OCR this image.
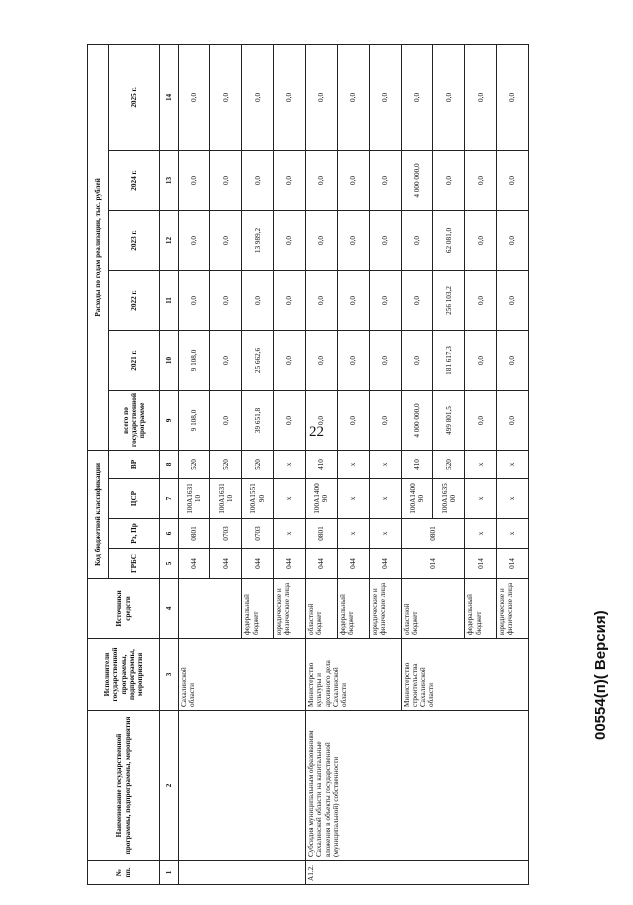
22
№ пп.	Наименование государственной программы, подпрограммы, мероприятия	Исполнители государственной программы, подпрограммы, мероприятия	Источники средств	Код бюджетной классификации				Расходы по годам реализации, тыс. рублей					
				ГРБС	Рз, Пр	ЦСР	ВР	всего по государственной программе	2021 г.	2022 г.	2023 г.	2024 г.	2025 г.
1	2	3	4	5	6	7	8	9	10	11	12	13	14
		Сахалинской области		044	0801	100A1631 10	520	9 108,0	9 108,0	0,0	0,0	0,0	0,0
				044	0703	100A1631 10	520	0,0	0,0	0,0	0,0	0,0	0,0
			федеральный бюджет	044	0703	100A1551 90	520	39 651,8	25 662,6	0,0	13 989,2	0,0	0,0
			юридические и физические лица	044	x	x	x	0,0	0,0	0,0	0,0	0,0	0,0
A1.2.	Субсидия муниципальным образованиям Сахалинской области на капитальные вложения в объекты государственной (муниципальной) собственности	Министерство культуры и архивного дела Сахалинской области	областной бюджет	044	0801	100A1400 90	410	0,0	0,0	0,0	0,0	0,0	0,0
			федеральный бюджет	044	x	x	x	0,0	0,0	0,0	0,0	0,0	0,0
			юридические и физические лица	044	x	x	x	0,0	0,0	0,0	0,0	0,0	0,0
		Министерство строительства Сахалинской области	областной бюджет	014	0801	100A1400 90	410	4 000 000,0	0,0	0,0	0,0	4 000 000,0	0,0
						100A1635 00	520	499 801,5	181 617,3	256 103,2	62 081,0	0,0	0,0
			федеральный бюджет	014	x	x	x	0,0	0,0	0,0	0,0	0,0	0,0
			юридические и физические лица	014	x	x	x	0,0	0,0	0,0	0,0	0,0	0,0
00554(п)( Версия)
